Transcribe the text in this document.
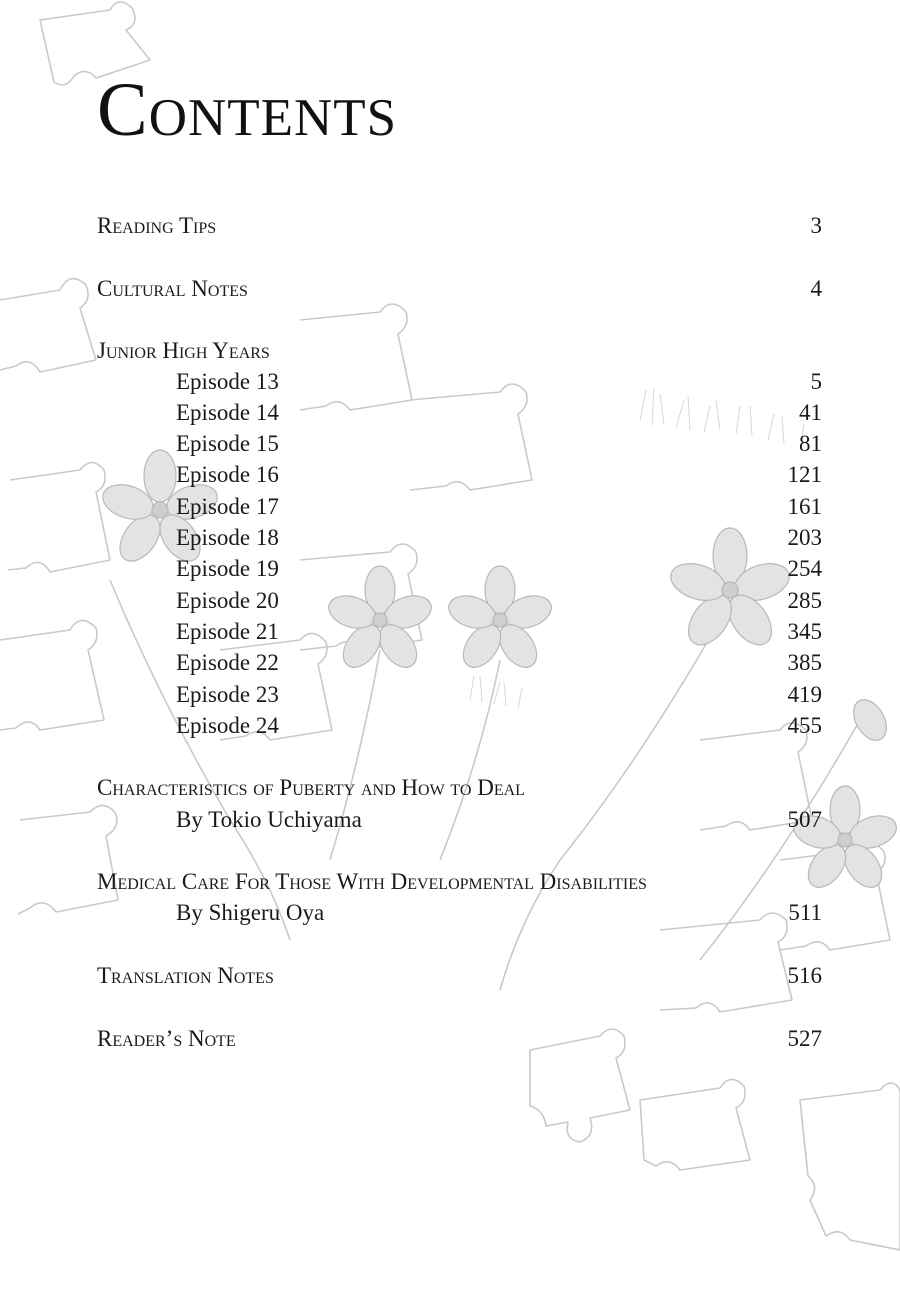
Contents
Reading Tips	3
Cultural Notes	4
Junior High Years
Episode 13	5
Episode 14	41
Episode 15	81
Episode 16	121
Episode 17	161
Episode 18	203
Episode 19	254
Episode 20	285
Episode 21	345
Episode 22	385
Episode 23	419
Episode 24	455
Characteristics of Puberty and How to Deal
By Tokio Uchiyama	507
Medical Care For Those With Developmental Disabilities
By Shigeru Oya	511
Translation Notes	516
Reader’s Note	527
